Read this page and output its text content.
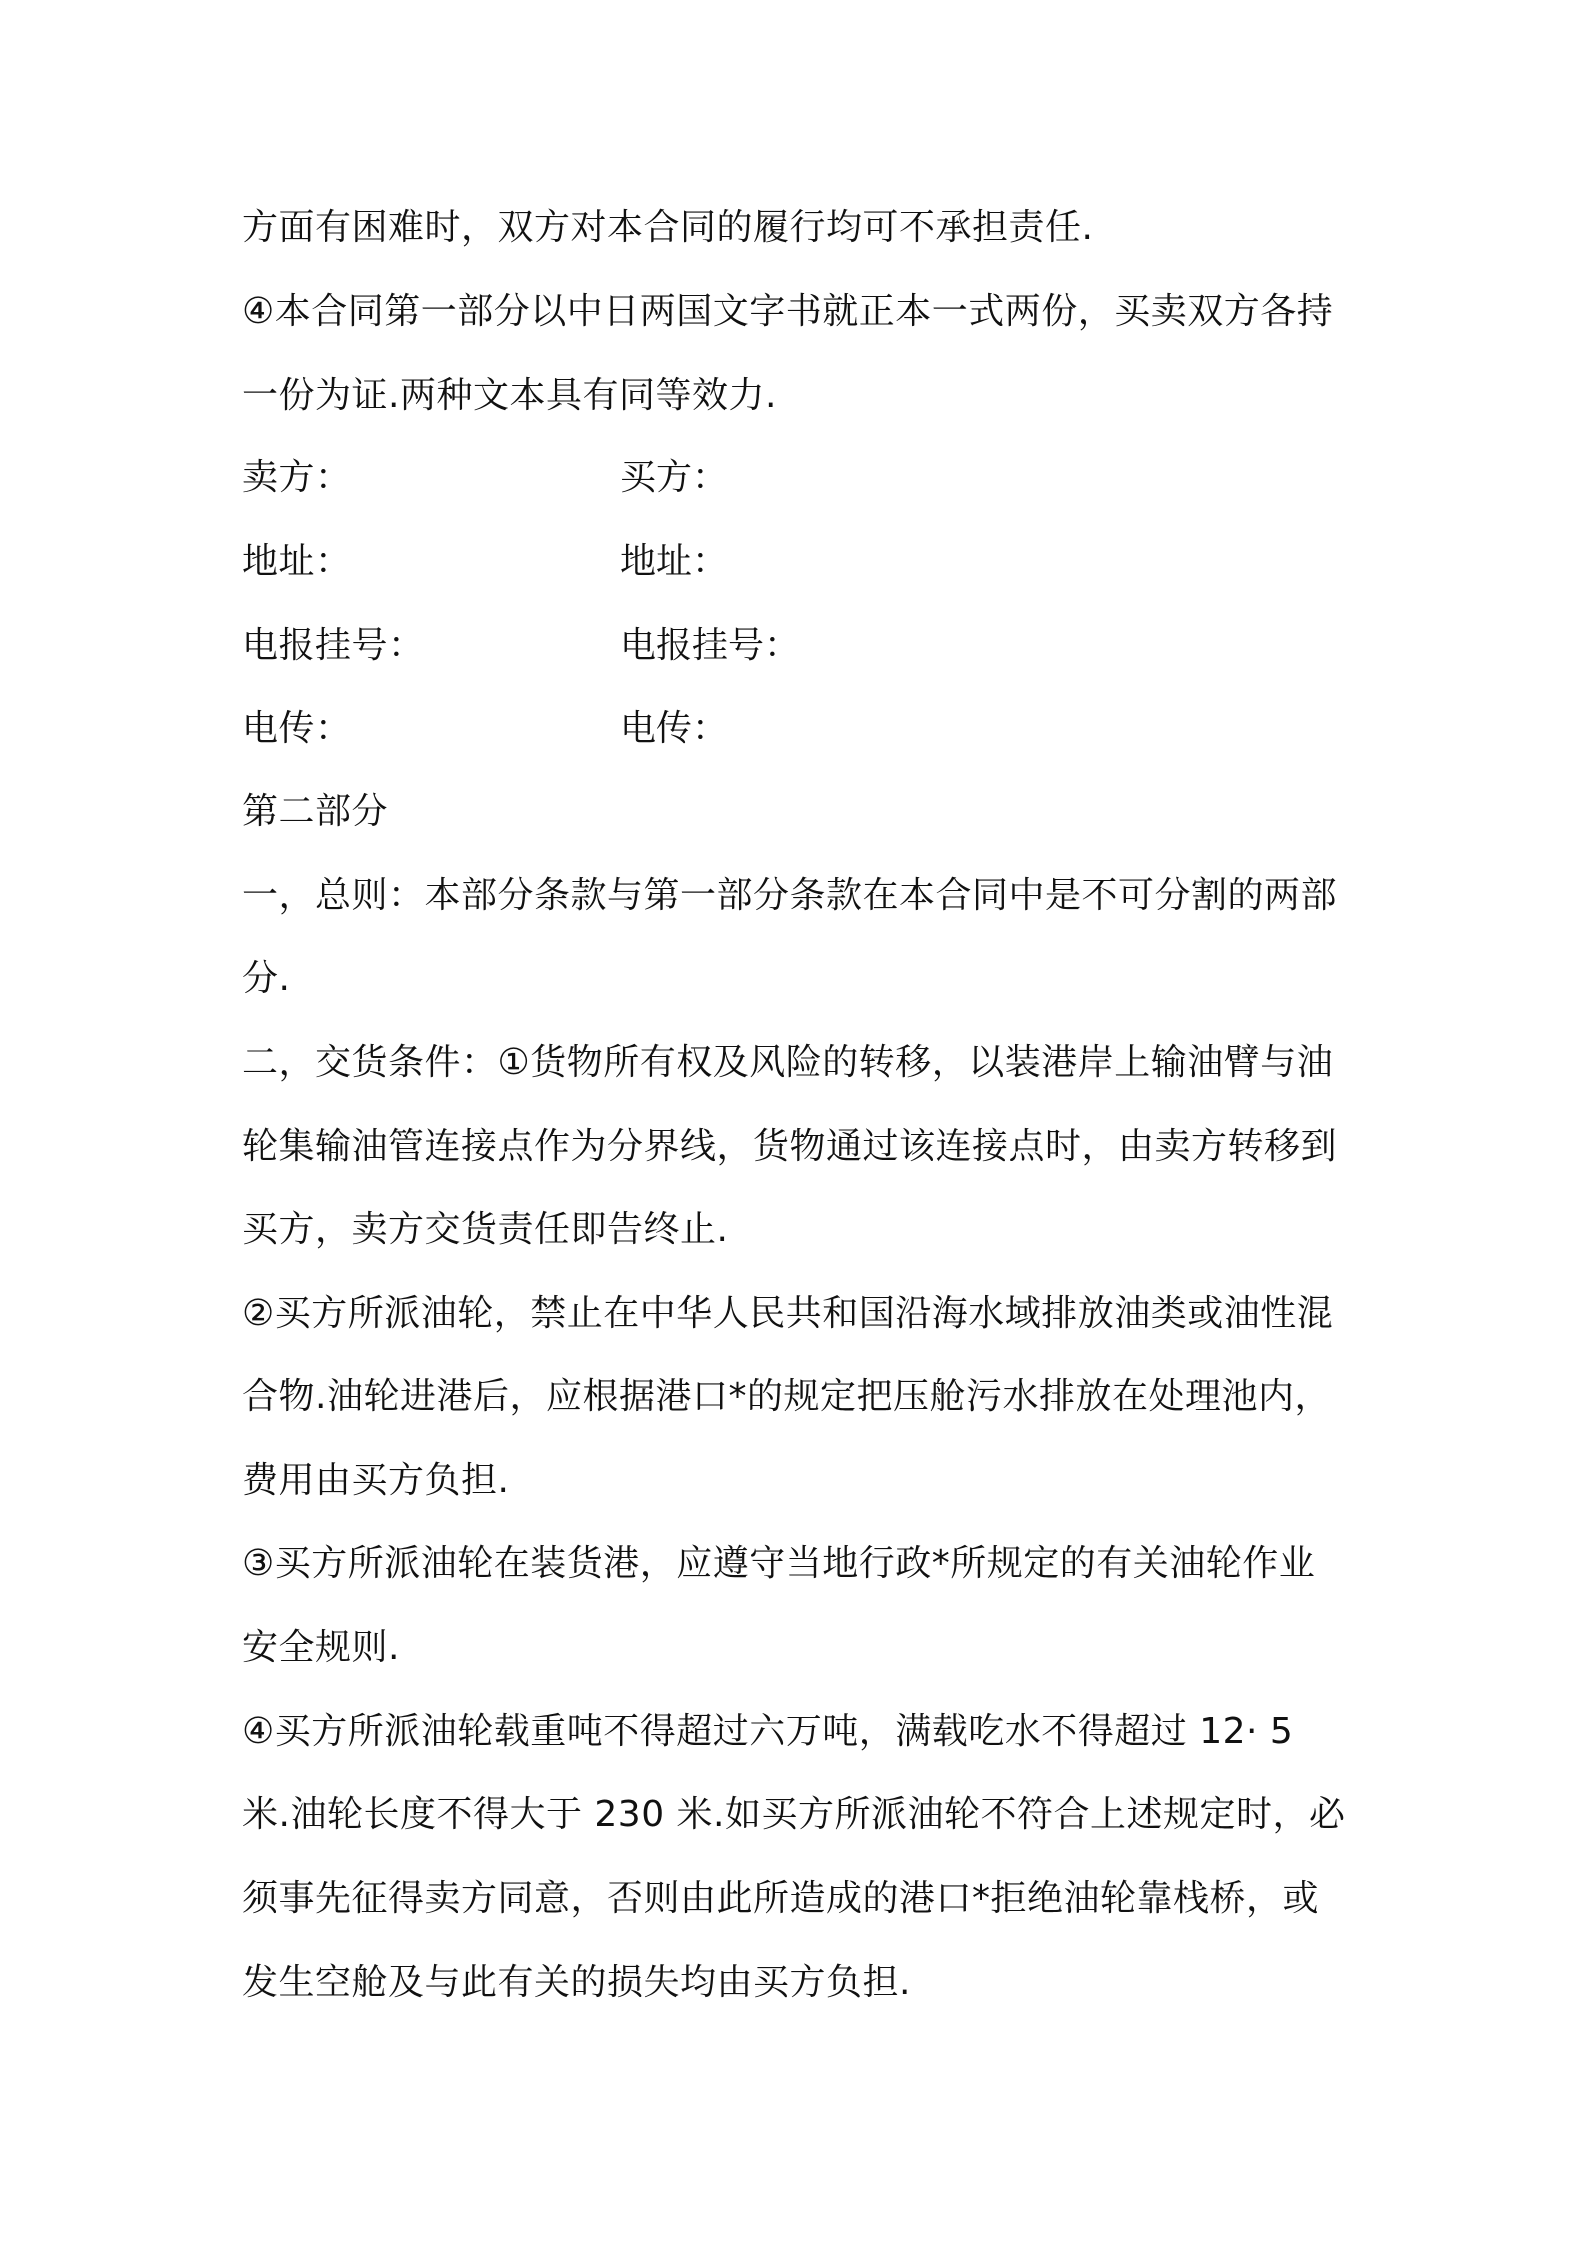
方面有困难时，双方对本合同的履行均可不承担责任.
④本合同第一部分以中日两国文字书就正本一式两份，买卖双方各持
一份为证.两种文本具有同等效力.
卖方：	买方：
地址：	地址：
电报挂号：	电报挂号：
电传：	电传：
第二部分
一，总则：本部分条款与第一部分条款在本合同中是不可分割的两部
分.
二，交货条件：①货物所有权及风险的转移，以装港岸上输油臂与油
轮集输油管连接点作为分界线，货物通过该连接点时，由卖方转移到
买方，卖方交货责任即告终止.
②买方所派油轮，禁止在中华人民共和国沿海水域排放油类或油性混
合物.油轮进港后，应根据港口*的规定把压舱污水排放在处理池内，
费用由买方负担.
③买方所派油轮在装货港，应遵守当地行政*所规定的有关油轮作业
安全规则.
④买方所派油轮载重吨不得超过六万吨，满载吃水不得超过 12· 5
米.油轮长度不得大于 230 米.如买方所派油轮不符合上述规定时，必
须事先征得卖方同意，否则由此所造成的港口*拒绝油轮靠栈桥，或
发生空舱及与此有关的损失均由买方负担.
